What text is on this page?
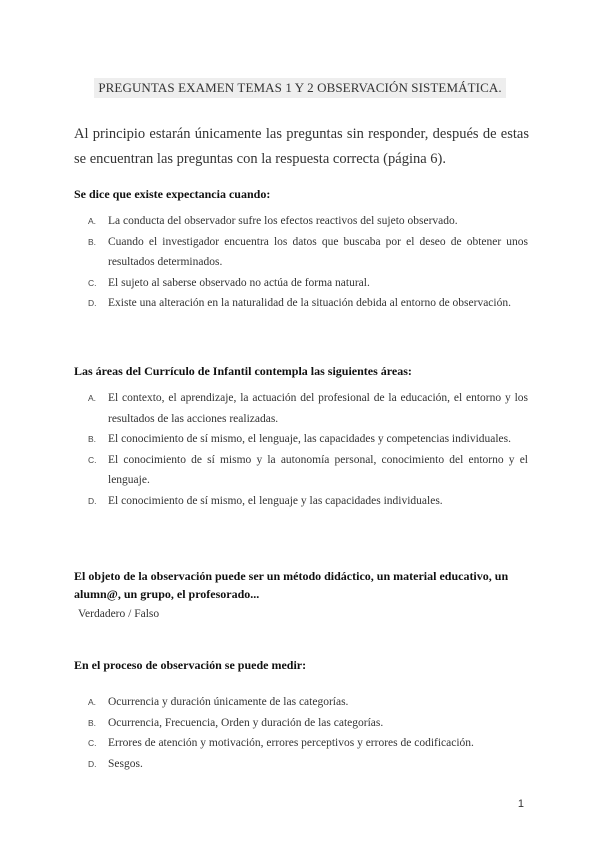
PREGUNTAS EXAMEN TEMAS 1 Y 2 OBSERVACIÓN SISTEMÁTICA.
Al principio estarán únicamente las preguntas sin responder, después de estas se encuentran las preguntas con la respuesta correcta (página 6).
Se dice que existe expectancia cuando:
A. La conducta del observador sufre los efectos reactivos del sujeto observado.
B. Cuando el investigador encuentra los datos que buscaba por el deseo de obtener unos resultados determinados.
C. El sujeto al saberse observado no actúa de forma natural.
D. Existe una alteración en la naturalidad de la situación debida al entorno de observación.
Las áreas del Currículo de Infantil contempla las siguientes áreas:
A. El contexto, el aprendizaje, la actuación del profesional de la educación, el entorno y los resultados de las acciones realizadas.
B. El conocimiento de sí mismo, el lenguaje, las capacidades y competencias individuales.
C. El conocimiento de sí mismo y la autonomía personal, conocimiento del entorno y el lenguaje.
D. El conocimiento de sí mismo, el lenguaje y las capacidades individuales.
El objeto de la observación puede ser un método didáctico, un material educativo, un alumn@, un grupo, el profesorado...
Verdadero / Falso
En el proceso de observación se puede medir:
A. Ocurrencia y duración únicamente de las categorías.
B. Ocurrencia, Frecuencia, Orden y duración de las categorías.
C. Errores de atención y motivación, errores perceptivos y errores de codificación.
D. Sesgos.
1
